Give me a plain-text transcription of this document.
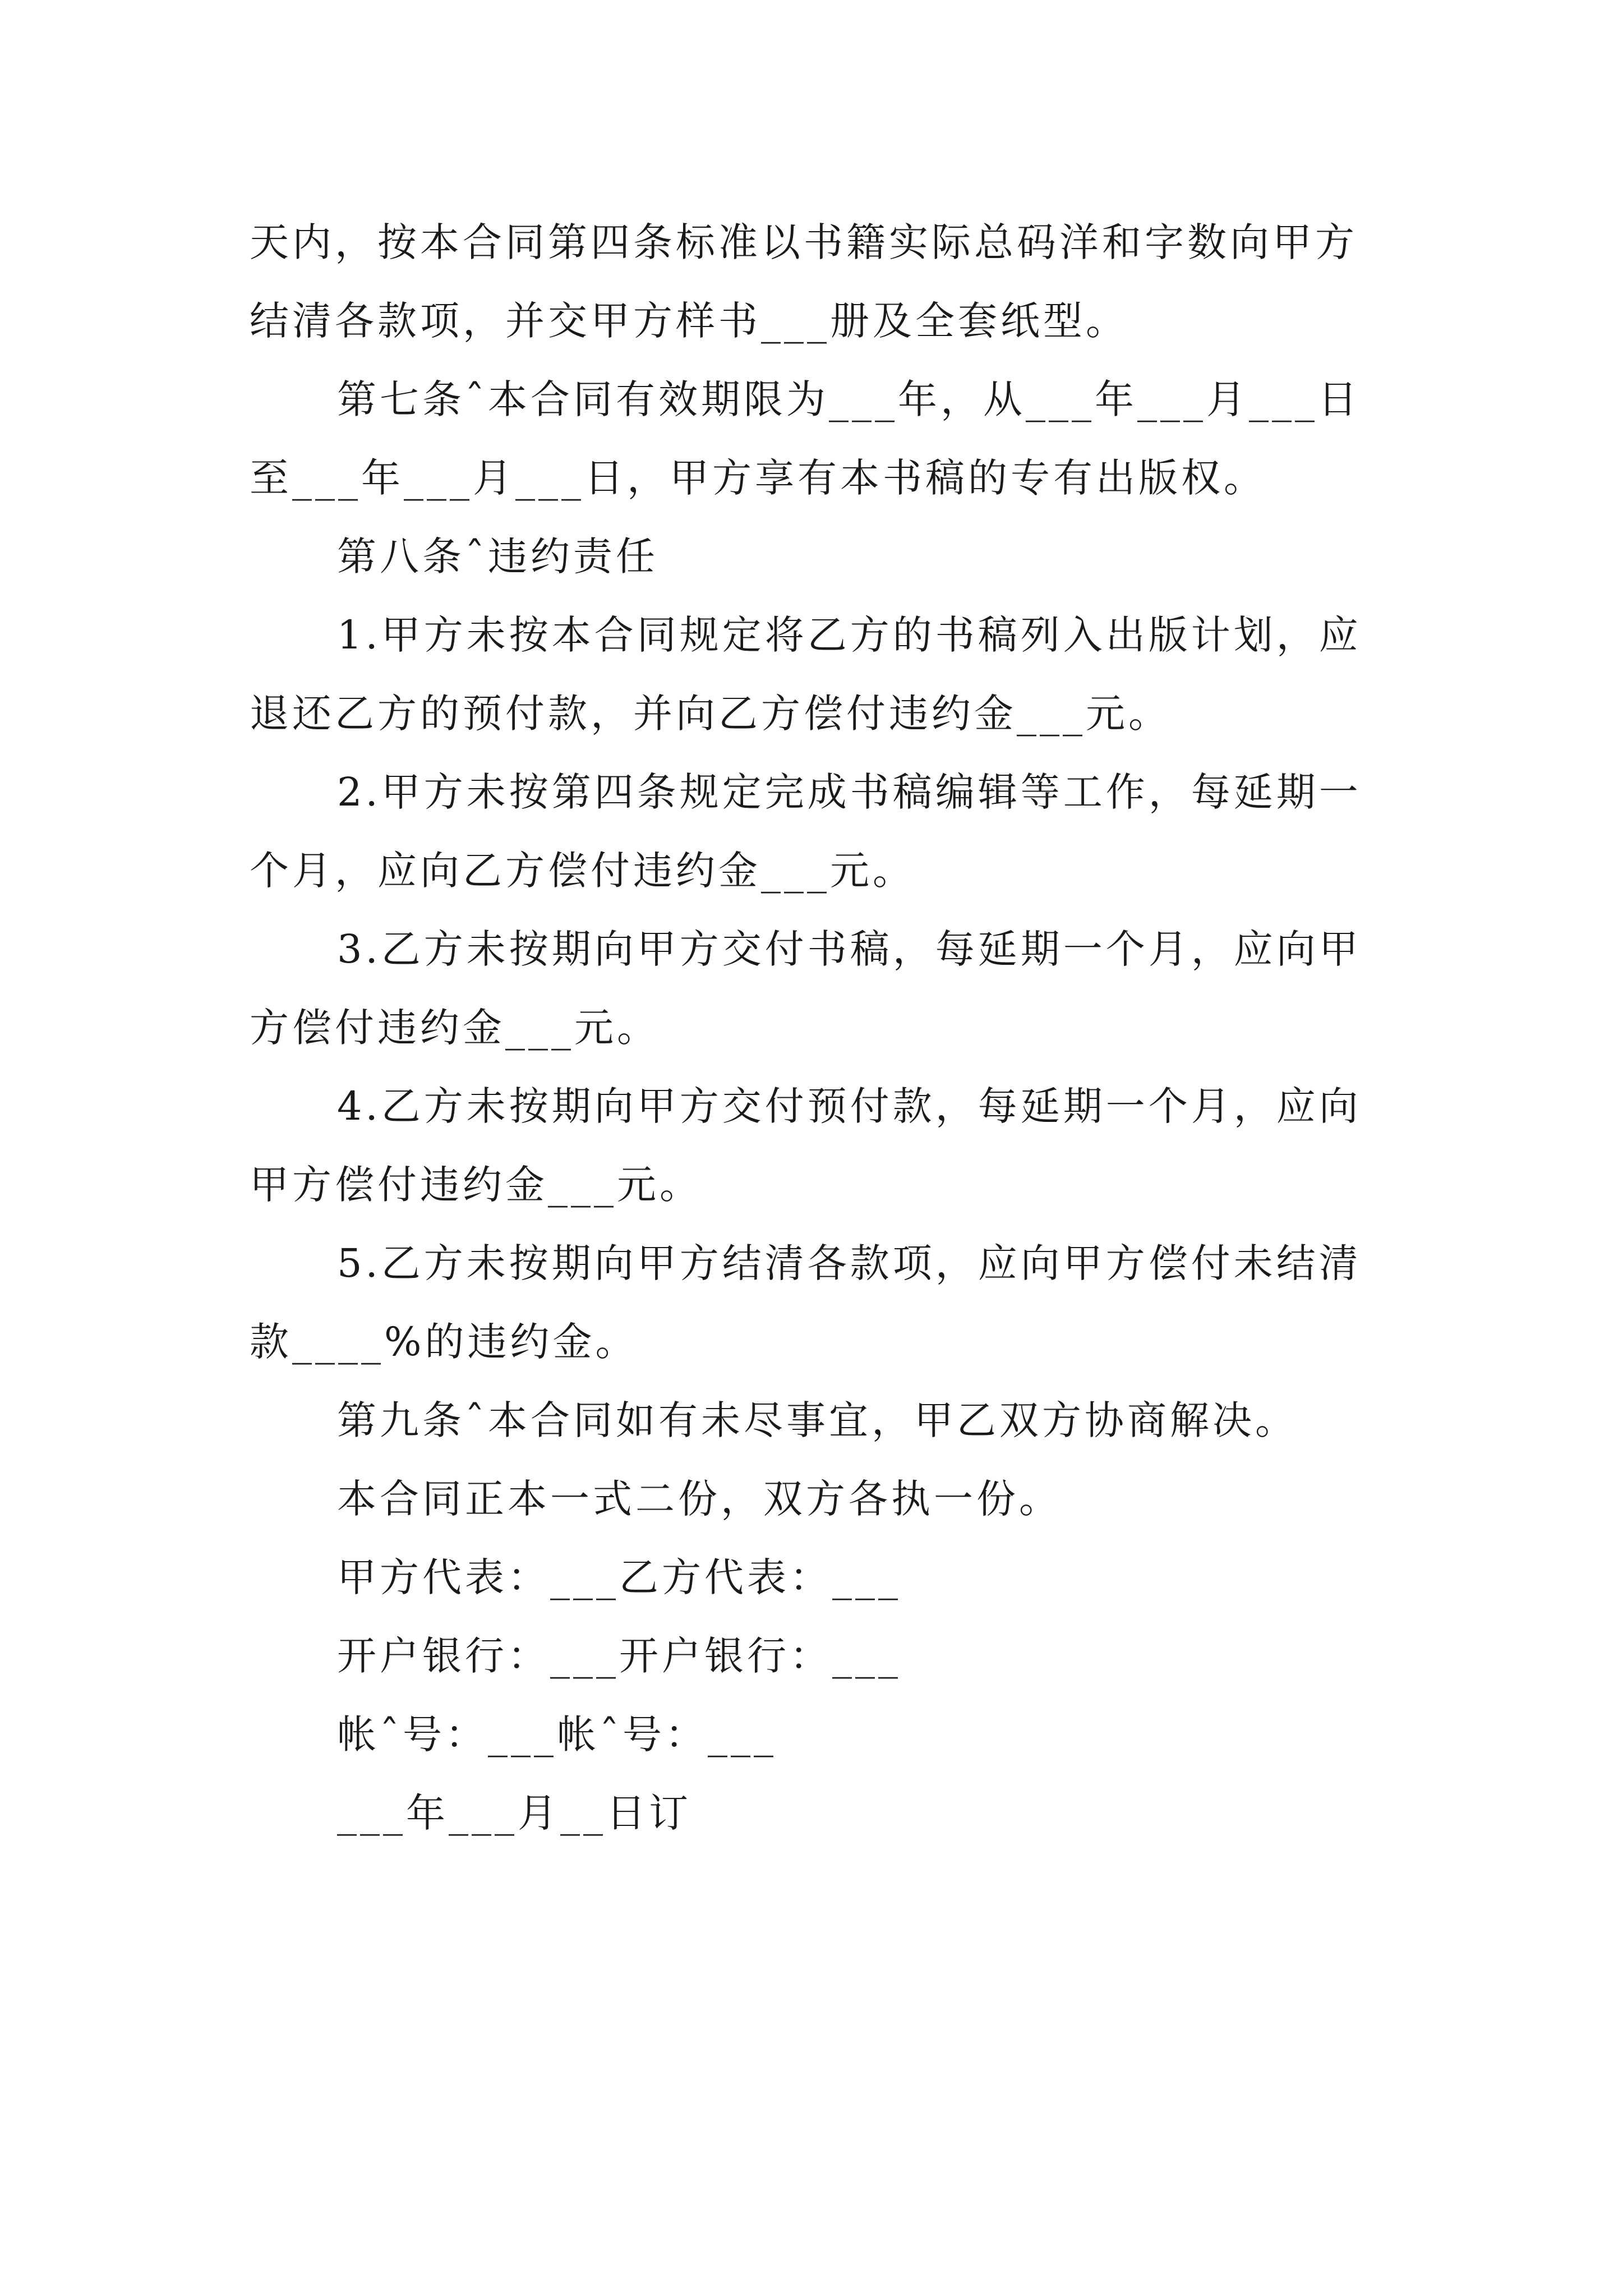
天内，按本合同第四条标准以书籍实际总码洋和字数向甲方
结清各款项，并交甲方样书___册及全套纸型。
第七条ˆ本合同有效期限为___年，从___年___月___日
至___年___月___日，甲方享有本书稿的专有出版权。
第八条ˆ违约责任
1.甲方未按本合同规定将乙方的书稿列入出版计划，应
退还乙方的预付款，并向乙方偿付违约金___元。
2.甲方未按第四条规定完成书稿编辑等工作，每延期一
个月，应向乙方偿付违约金___元。
3.乙方未按期向甲方交付书稿，每延期一个月，应向甲
方偿付违约金___元。
4.乙方未按期向甲方交付预付款，每延期一个月，应向
甲方偿付违约金___元。
5.乙方未按期向甲方结清各款项，应向甲方偿付未结清
款____%的违约金。
第九条ˆ本合同如有未尽事宜，甲乙双方协商解决。
本合同正本一式二份，双方各执一份。
甲方代表：___乙方代表：___
开户银行：___开户银行：___
帐ˆ号：___帐ˆ号：___
___年___月__日订
